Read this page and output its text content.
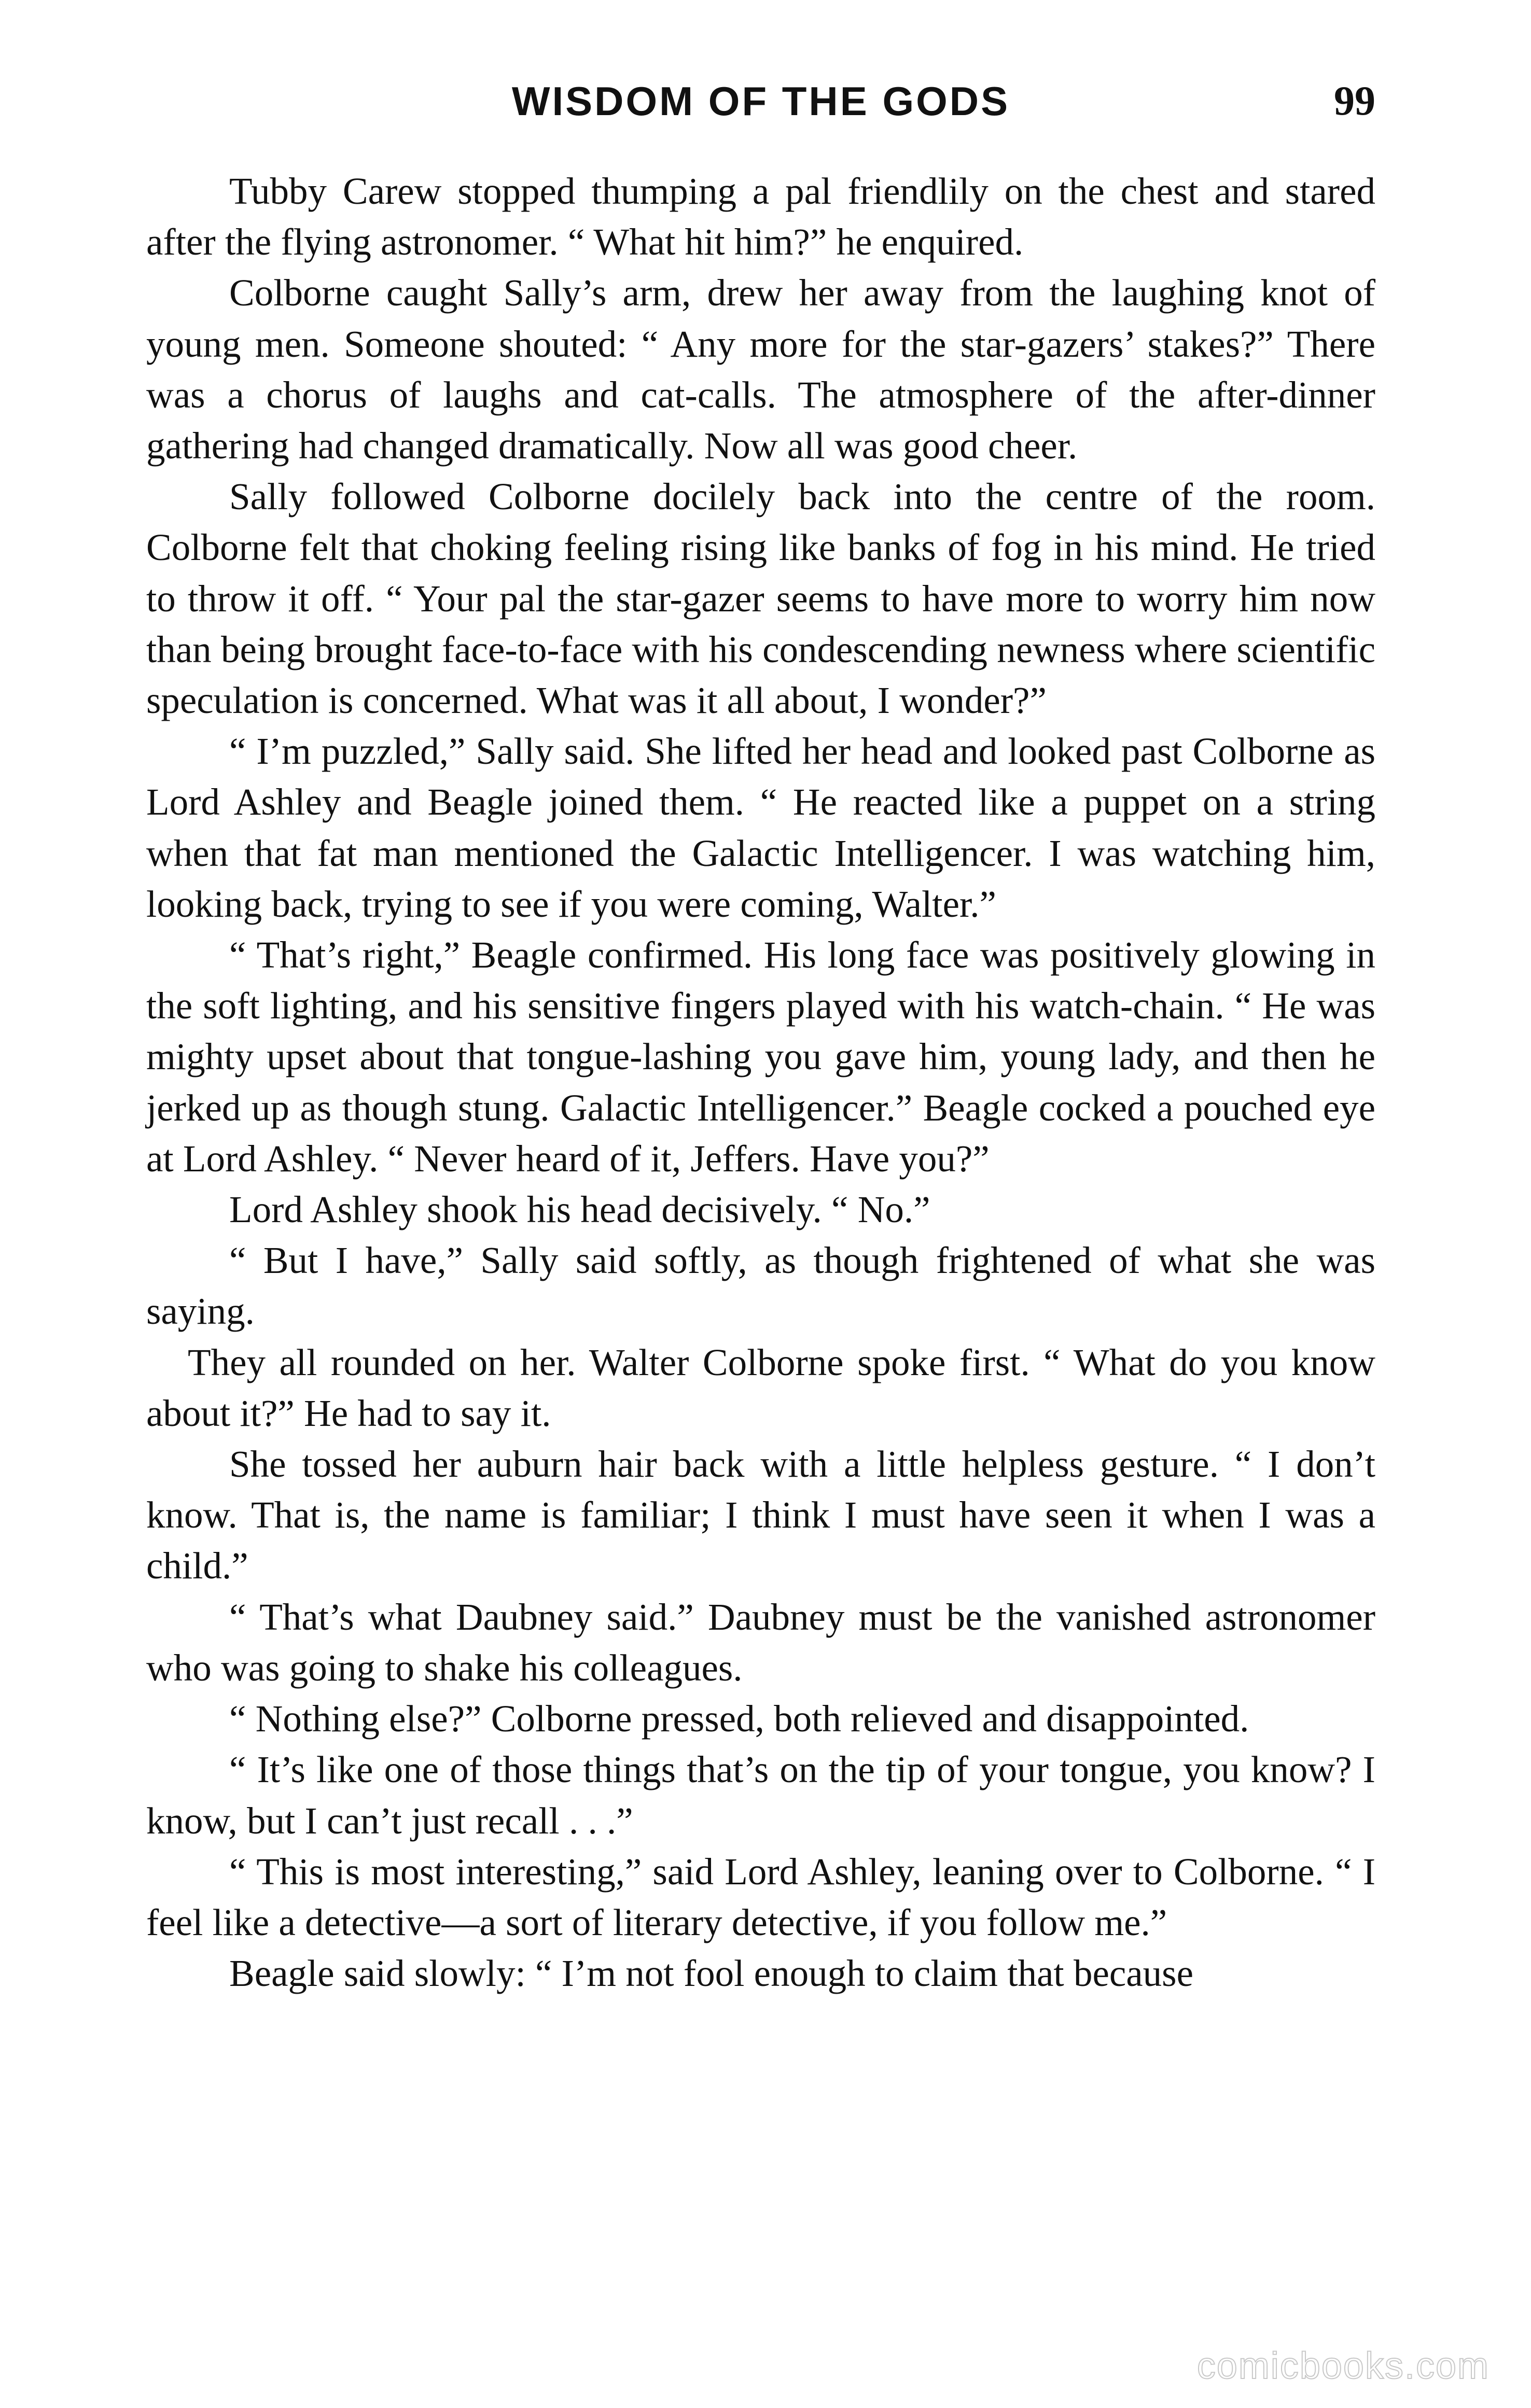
WISDOM OF THE GODS	99

Tubby Carew stopped thumping a pal friendlily on the chest and stared after the flying astronomer. “ What hit him?” he enquired.

Colborne caught Sally’s arm, drew her away from the laughing knot of young men. Someone shouted: “ Any more for the star-gazers’ stakes?” There was a chorus of laughs and cat-calls. The atmosphere of the after-dinner gathering had changed dramatically. Now all was good cheer.

Sally followed Colborne docilely back into the centre of the room. Colborne felt that choking feeling rising like banks of fog in his mind. He tried to throw it off. “ Your pal the star-gazer seems to have more to worry him now than being brought face-to-face with his condescending newness where scientific speculation is concerned. What was it all about, I wonder?”

“ I’m puzzled,” Sally said. She lifted her head and looked past Colborne as Lord Ashley and Beagle joined them. “ He reacted like a puppet on a string when that fat man mentioned the Galactic Intelligencer. I was watching him, looking back, trying to see if you were coming, Walter.”

“ That’s right,” Beagle confirmed. His long face was positively glowing in the soft lighting, and his sensitive fingers played with his watch-chain. “ He was mighty upset about that tongue-lashing you gave him, young lady, and then he jerked up as though stung. Galactic Intelligencer.” Beagle cocked a pouched eye at Lord Ashley. “ Never heard of it, Jeffers. Have you?”

Lord Ashley shook his head decisively. “ No.”

“ But I have,” Sally said softly, as though frightened of what she was saying.

They all rounded on her. Walter Colborne spoke first. “ What do you know about it?” He had to say it.

She tossed her auburn hair back with a little helpless gesture. “ I don’t know. That is, the name is familiar; I think I must have seen it when I was a child.”

“ That’s what Daubney said.” Daubney must be the vanished astronomer who was going to shake his colleagues.

“ Nothing else?” Colborne pressed, both relieved and disappointed.

“ It’s like one of those things that’s on the tip of your tongue, you know? I know, but I can’t just recall . . .”

“ This is most interesting,” said Lord Ashley, leaning over to Colborne. “ I feel like a detective—a sort of literary detective, if you follow me.”

Beagle said slowly: “ I’m not fool enough to claim that because

comicbooks.com
